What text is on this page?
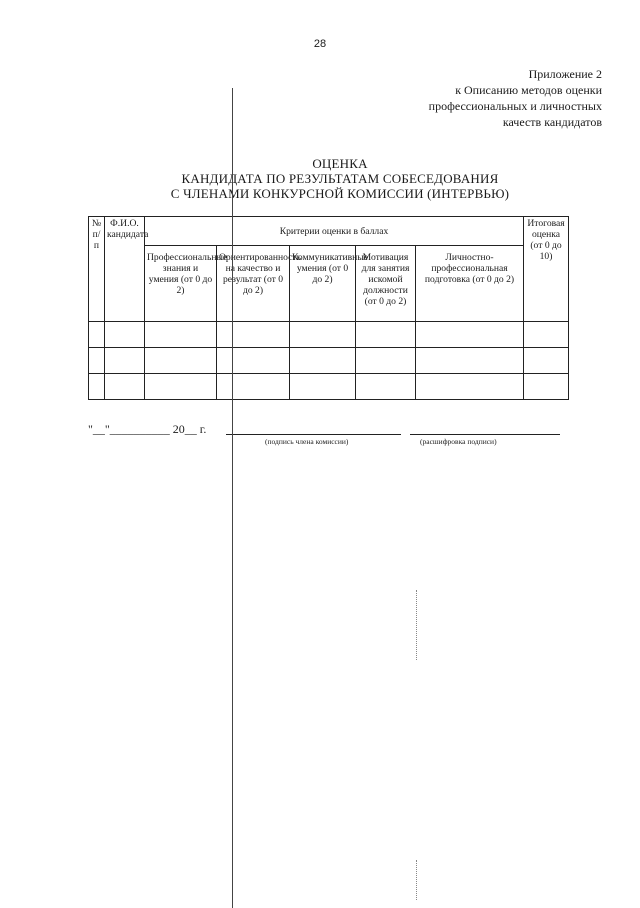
28
Приложение 2
к Описанию методов оценки
профессиональных и личностных
качеств кандидатов
ОЦЕНКА
КАНДИДАТА ПО РЕЗУЛЬТАТАМ СОБЕСЕДОВАНИЯ
С ЧЛЕНАМИ КОНКУРСНОЙ КОМИССИИ (ИНТЕРВЬЮ)
№ п/п	Ф.И.О. кандидата	Критерии оценки в баллах					Итоговая оценка (от 0 до 10)
		Профессиональные знания и умения (от 0 до 2)	Ориентированность на качество и результат (от 0 до 2)	Коммуникативные умения (от 0 до 2)	Мотивация для занятия искомой должности (от 0 до 2)	Личностно-профессиональная подготовка (от 0 до 2)	

"__"__________ 20__ г.
(подпись члена комиссии)	(расшифровка подписи)
